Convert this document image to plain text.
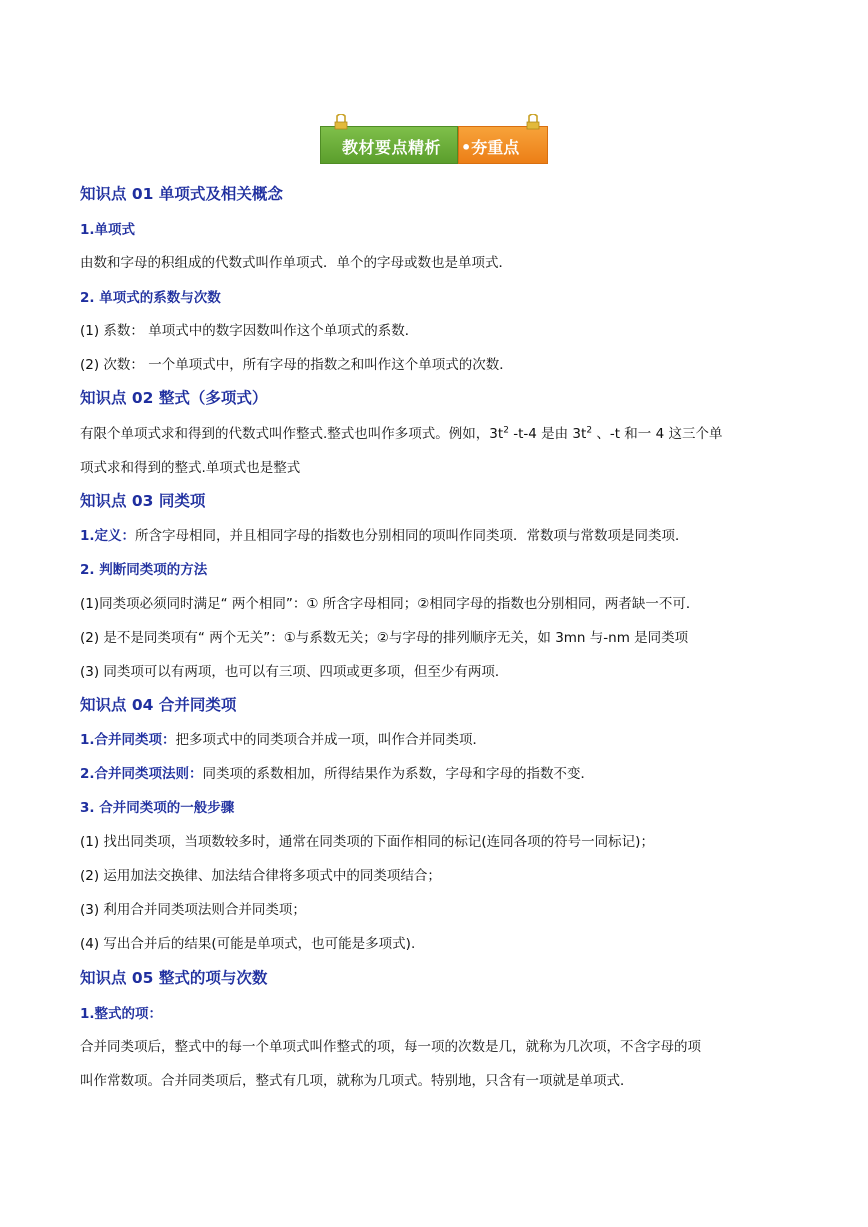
教材要点精析 •夯重点
知识点 01 单项式及相关概念
1.单项式
由数和字母的积组成的代数式叫作单项式．单个的字母或数也是单项式．
2. 单项式的系数与次数
(1) 系数： 单项式中的数字因数叫作这个单项式的系数．
(2) 次数： 一个单项式中，所有字母的指数之和叫作这个单项式的次数．
知识点 02 整式（多项式）
有限个单项式求和得到的代数式叫作整式.整式也叫作多项式。例如，$3t^2$ -t-4 是由 $3t^2$ 、-t 和一 4 这三个单
项式求和得到的整式.单项式也是整式
知识点 03 同类项
1.定义：所含字母相同，并且相同字母的指数也分别相同的项叫作同类项．常数项与常数项是同类项．
2. 判断同类项的方法
(1)同类项必须同时满足“ 两个相同”：① 所含字母相同；②相同字母的指数也分别相同，两者缺一不可．
(2) 是不是同类项有“ 两个无关”：①与系数无关；②与字母的排列顺序无关，如 3mn 与-nm 是同类项
(3) 同类项可以有两项，也可以有三项、四项或更多项，但至少有两项．
知识点 04 合并同类项
1.合并同类项：把多项式中的同类项合并成一项，叫作合并同类项．
2.合并同类项法则：同类项的系数相加，所得结果作为系数，字母和字母的指数不变．
3. 合并同类项的一般步骤
(1) 找出同类项，当项数较多时，通常在同类项的下面作相同的标记(连同各项的符号一同标记)；
(2) 运用加法交换律、加法结合律将多项式中的同类项结合；
(3) 利用合并同类项法则合并同类项；
(4) 写出合并后的结果(可能是单项式，也可能是多项式).
知识点 05 整式的项与次数
1.整式的项：
合并同类项后，整式中的每一个单项式叫作整式的项，每一项的次数是几，就称为几次项，不含字母的项
叫作常数项。合并同类项后，整式有几项，就称为几项式。特别地，只含有一项就是单项式．
